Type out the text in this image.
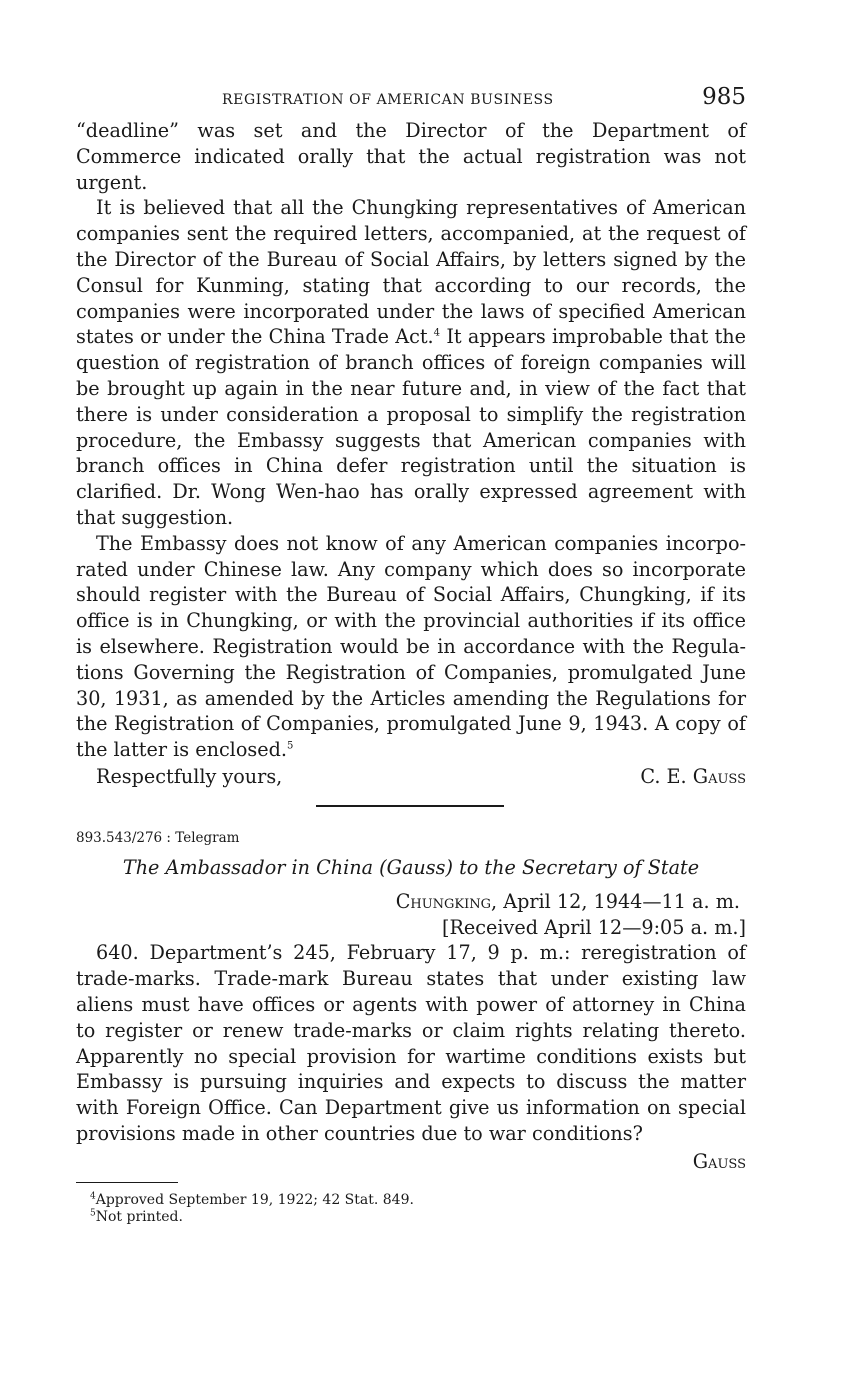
REGISTRATION OF AMERICAN BUSINESS	985

“deadline” was set and the Director of the Department of Commerce indicated orally that the actual registration was not urgent.

It is believed that all the Chungking representatives of American companies sent the required letters, accompanied, at the request of the Director of the Bureau of Social Affairs, by letters signed by the Consul for Kunming, stating that according to our records, the companies were incorporated under the laws of specified American states or under the China Trade Act.$^4$ It appears improbable that the question of registration of branch offices of foreign companies will be brought up again in the near future and, in view of the fact that there is under consideration a proposal to simplify the registration procedure, the Embassy suggests that American companies with branch offices in China defer registration until the situation is clarified. Dr. Wong Wen-hao has orally expressed agreement with that suggestion.

The Embassy does not know of any American companies incorporated under Chinese law. Any company which does so incorporate should register with the Bureau of Social Affairs, Chungking, if its office is in Chungking, or with the provincial authorities if its office is elsewhere. Registration would be in accordance with the Regulations Governing the Registration of Companies, promulgated June 30, 1931, as amended by the Articles amending the Regulations for the Registration of Companies, promulgated June 9, 1943. A copy of the latter is enclosed.$^5$

Respectfully yours,	C. E. Gauss
893.543/276 : Telegram
The Ambassador in China (Gauss) to the Secretary of State
Chungking, April 12, 1944—11 a. m.
[Received April 12—9:05 a. m.]

640. Department’s 245, February 17, 9 p. m.: reregistration of trade-marks. Trade-mark Bureau states that under existing law aliens must have offices or agents with power of attorney in China to register or renew trade-marks or claim rights relating thereto. Apparently no special provision for wartime conditions exists but Embassy is pursuing inquiries and expects to discuss the matter with Foreign Office. Can Department give us information on special provisions made in other countries due to war conditions?

Gauss
$^4$Approved September 19, 1922; 42 Stat. 849.
$^5$Not printed.
